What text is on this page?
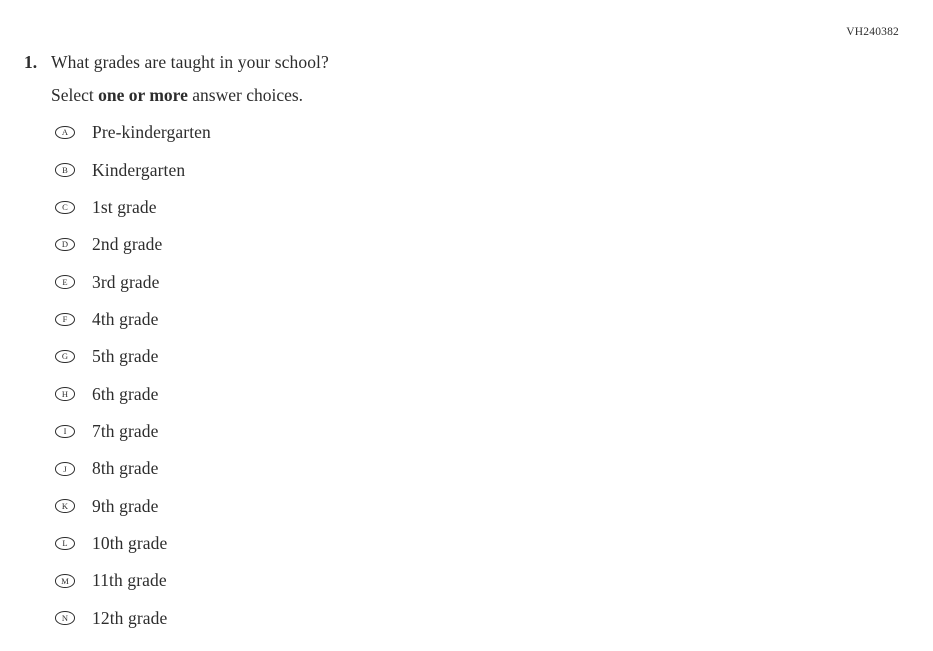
VH240382
1. What grades are taught in your school?
Select one or more answer choices.
A Pre-kindergarten
B Kindergarten
C 1st grade
D 2nd grade
E 3rd grade
F 4th grade
G 5th grade
H 6th grade
I 7th grade
J 8th grade
K 9th grade
L 10th grade
M 11th grade
N 12th grade
